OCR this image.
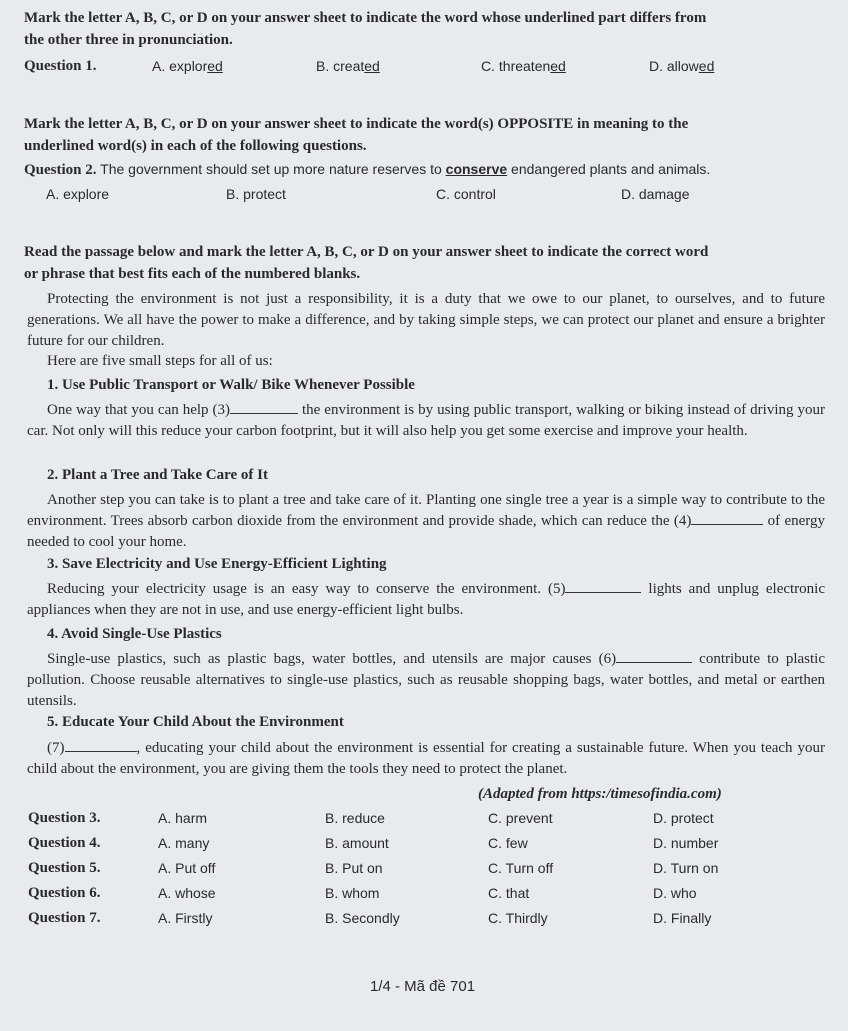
Mark the letter A, B, C, or D on your answer sheet to indicate the word whose underlined part differs from
the other three in pronunciation.
Question 1.	A. explored	B. created	C. threatened	D. allowed
Mark the letter A, B, C, or D on your answer sheet to indicate the word(s) OPPOSITE in meaning to the
underlined word(s) in each of the following questions.
Question 2. The government should set up more nature reserves to conserve endangered plants and animals.
A. explore	B. protect	C. control	D. damage
Read the passage below and mark the letter A, B, C, or D on your answer sheet to indicate the correct word
or phrase that best fits each of the numbered blanks.
Protecting the environment is not just a responsibility, it is a duty that we owe to our planet, to ourselves, and to future generations. We all have the power to make a difference, and by taking simple steps, we can protect our planet and ensure a brighter future for our children.
Here are five small steps for all of us:
1. Use Public Transport or Walk/ Bike Whenever Possible
One way that you can help (3)	the environment is by using public transport, walking or biking instead of driving your car. Not only will this reduce your carbon footprint, but it will also help you get some exercise and improve your health.
2. Plant a Tree and Take Care of It
Another step you can take is to plant a tree and take care of it. Planting one single tree a year is a simple way to contribute to the environment. Trees absorb carbon dioxide from the environment and provide shade, which can reduce the (4)	of energy needed to cool your home.
3. Save Electricity and Use Energy-Efficient Lighting
Reducing your electricity usage is an easy way to conserve the environment. (5)	lights and unplug electronic appliances when they are not in use, and use energy-efficient light bulbs.
4. Avoid Single-Use Plastics
Single-use plastics, such as plastic bags, water bottles, and utensils are major causes (6)	contribute to plastic pollution. Choose reusable alternatives to single-use plastics, such as reusable shopping bags, water bottles, and metal or earthen utensils.
5. Educate Your Child About the Environment
(7)	, educating your child about the environment is essential for creating a sustainable future. When you teach your child about the environment, you are giving them the tools they need to protect the planet.
(Adapted from https:/timesofindia.com)
Question 3.	A. harm	B. reduce	C. prevent	D. protect
Question 4.	A. many	B. amount	C. few	D. number
Question 5.	A. Put off	B. Put on	C. Turn off	D. Turn on
Question 6.	A. whose	B. whom	C. that	D. who
Question 7.	A. Firstly	B. Secondly	C. Thirdly	D. Finally
1/4 - Mã đề 701
